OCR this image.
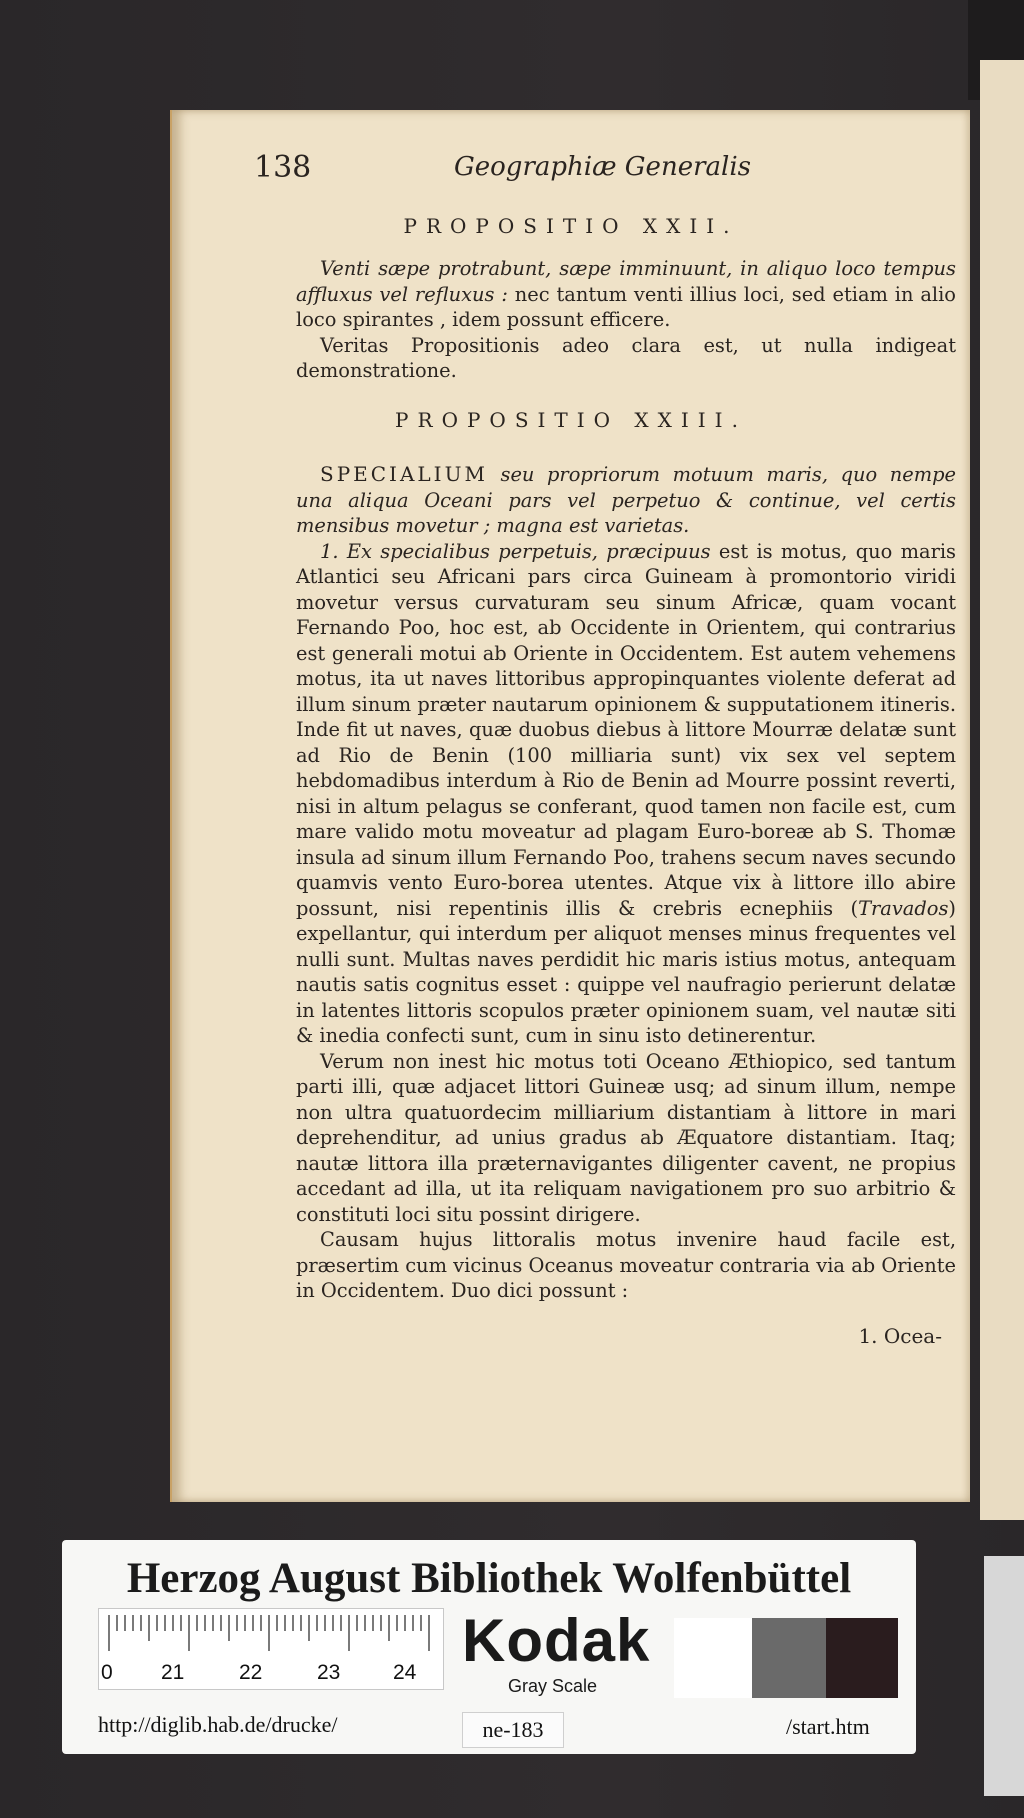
138	Geographiæ Generalis
PROPOSITIO XXII.

Venti sæpe protrabunt, sæpe imminuunt, in aliquo loco tempus affluxus vel refluxus : nec tantum venti illius loci, sed etiam in alio loco spirantes , idem possunt efficere.

Veritas Propositionis adeo clara est, ut nulla indigeat demonstratione.

PROPOSITIO XXIII.

SPECIALIUM seu propriorum motuum maris, quo nempe una aliqua Oceani pars vel perpetuo & continue, vel certis mensibus movetur ; magna est varietas.

1. Ex specialibus perpetuis, præcipuus est is motus, quo maris Atlantici seu Africani pars circa Guineam à promontorio viridi movetur versus curvaturam seu sinum Africæ, quam vocant Fernando Poo, hoc est, ab Occidente in Orientem, qui contrarius est generali motui ab Oriente in Occidentem. Est autem vehemens motus, ita ut naves littoribus appropinquantes violente deferat ad illum sinum præter nautarum opinionem & supputationem itineris. Inde fit ut naves, quæ duobus diebus à littore Mourræ delatæ sunt ad Rio de Benin (100 milliaria sunt) vix sex vel septem hebdomadibus interdum à Rio de Benin ad Mourre possint reverti, nisi in altum pelagus se conferant, quod tamen non facile est, cum mare valido motu moveatur ad plagam Euro-boreæ ab S. Thomæ insula ad sinum illum Fernando Poo, trahens secum naves secundo quamvis vento Euro-borea utentes. Atque vix à littore illo abire possunt, nisi repentinis illis & crebris ecnephiis (Travados) expellantur, qui interdum per aliquot menses minus frequentes vel nulli sunt. Multas naves perdidit hic maris istius motus, antequam nautis satis cognitus esset : quippe vel naufragio perierunt delatæ in latentes littoris scopulos præter opinionem suam, vel nautæ siti & inedia confecti sunt, cum in sinu isto detinerentur.

Verum non inest hic motus toti Oceano Æthiopico, sed tantum parti illi, quæ adjacet littori Guineæ usq; ad sinum illum, nempe non ultra quatuordecim milliarium distantiam à littore in mari deprehenditur, ad unius gradus ab Æquatore distantiam. Itaq; nautæ littora illa præternavigantes diligenter cavent, ne propius accedant ad illa, ut ita reliquam navigationem pro suo arbitrio & constituti loci situ possint dirigere.

Causam hujus littoralis motus invenire haud facile est, præsertim cum vicinus Oceanus moveatur contraria via ab Oriente in Occidentem. Duo dici possunt :

1. Ocea-
Herzog August Bibliothek Wolfenbüttel
0 21	22	23	24 Kodak
Gray Scale
http://diglib.hab.de/drucke/	ne-183	/start.htm
